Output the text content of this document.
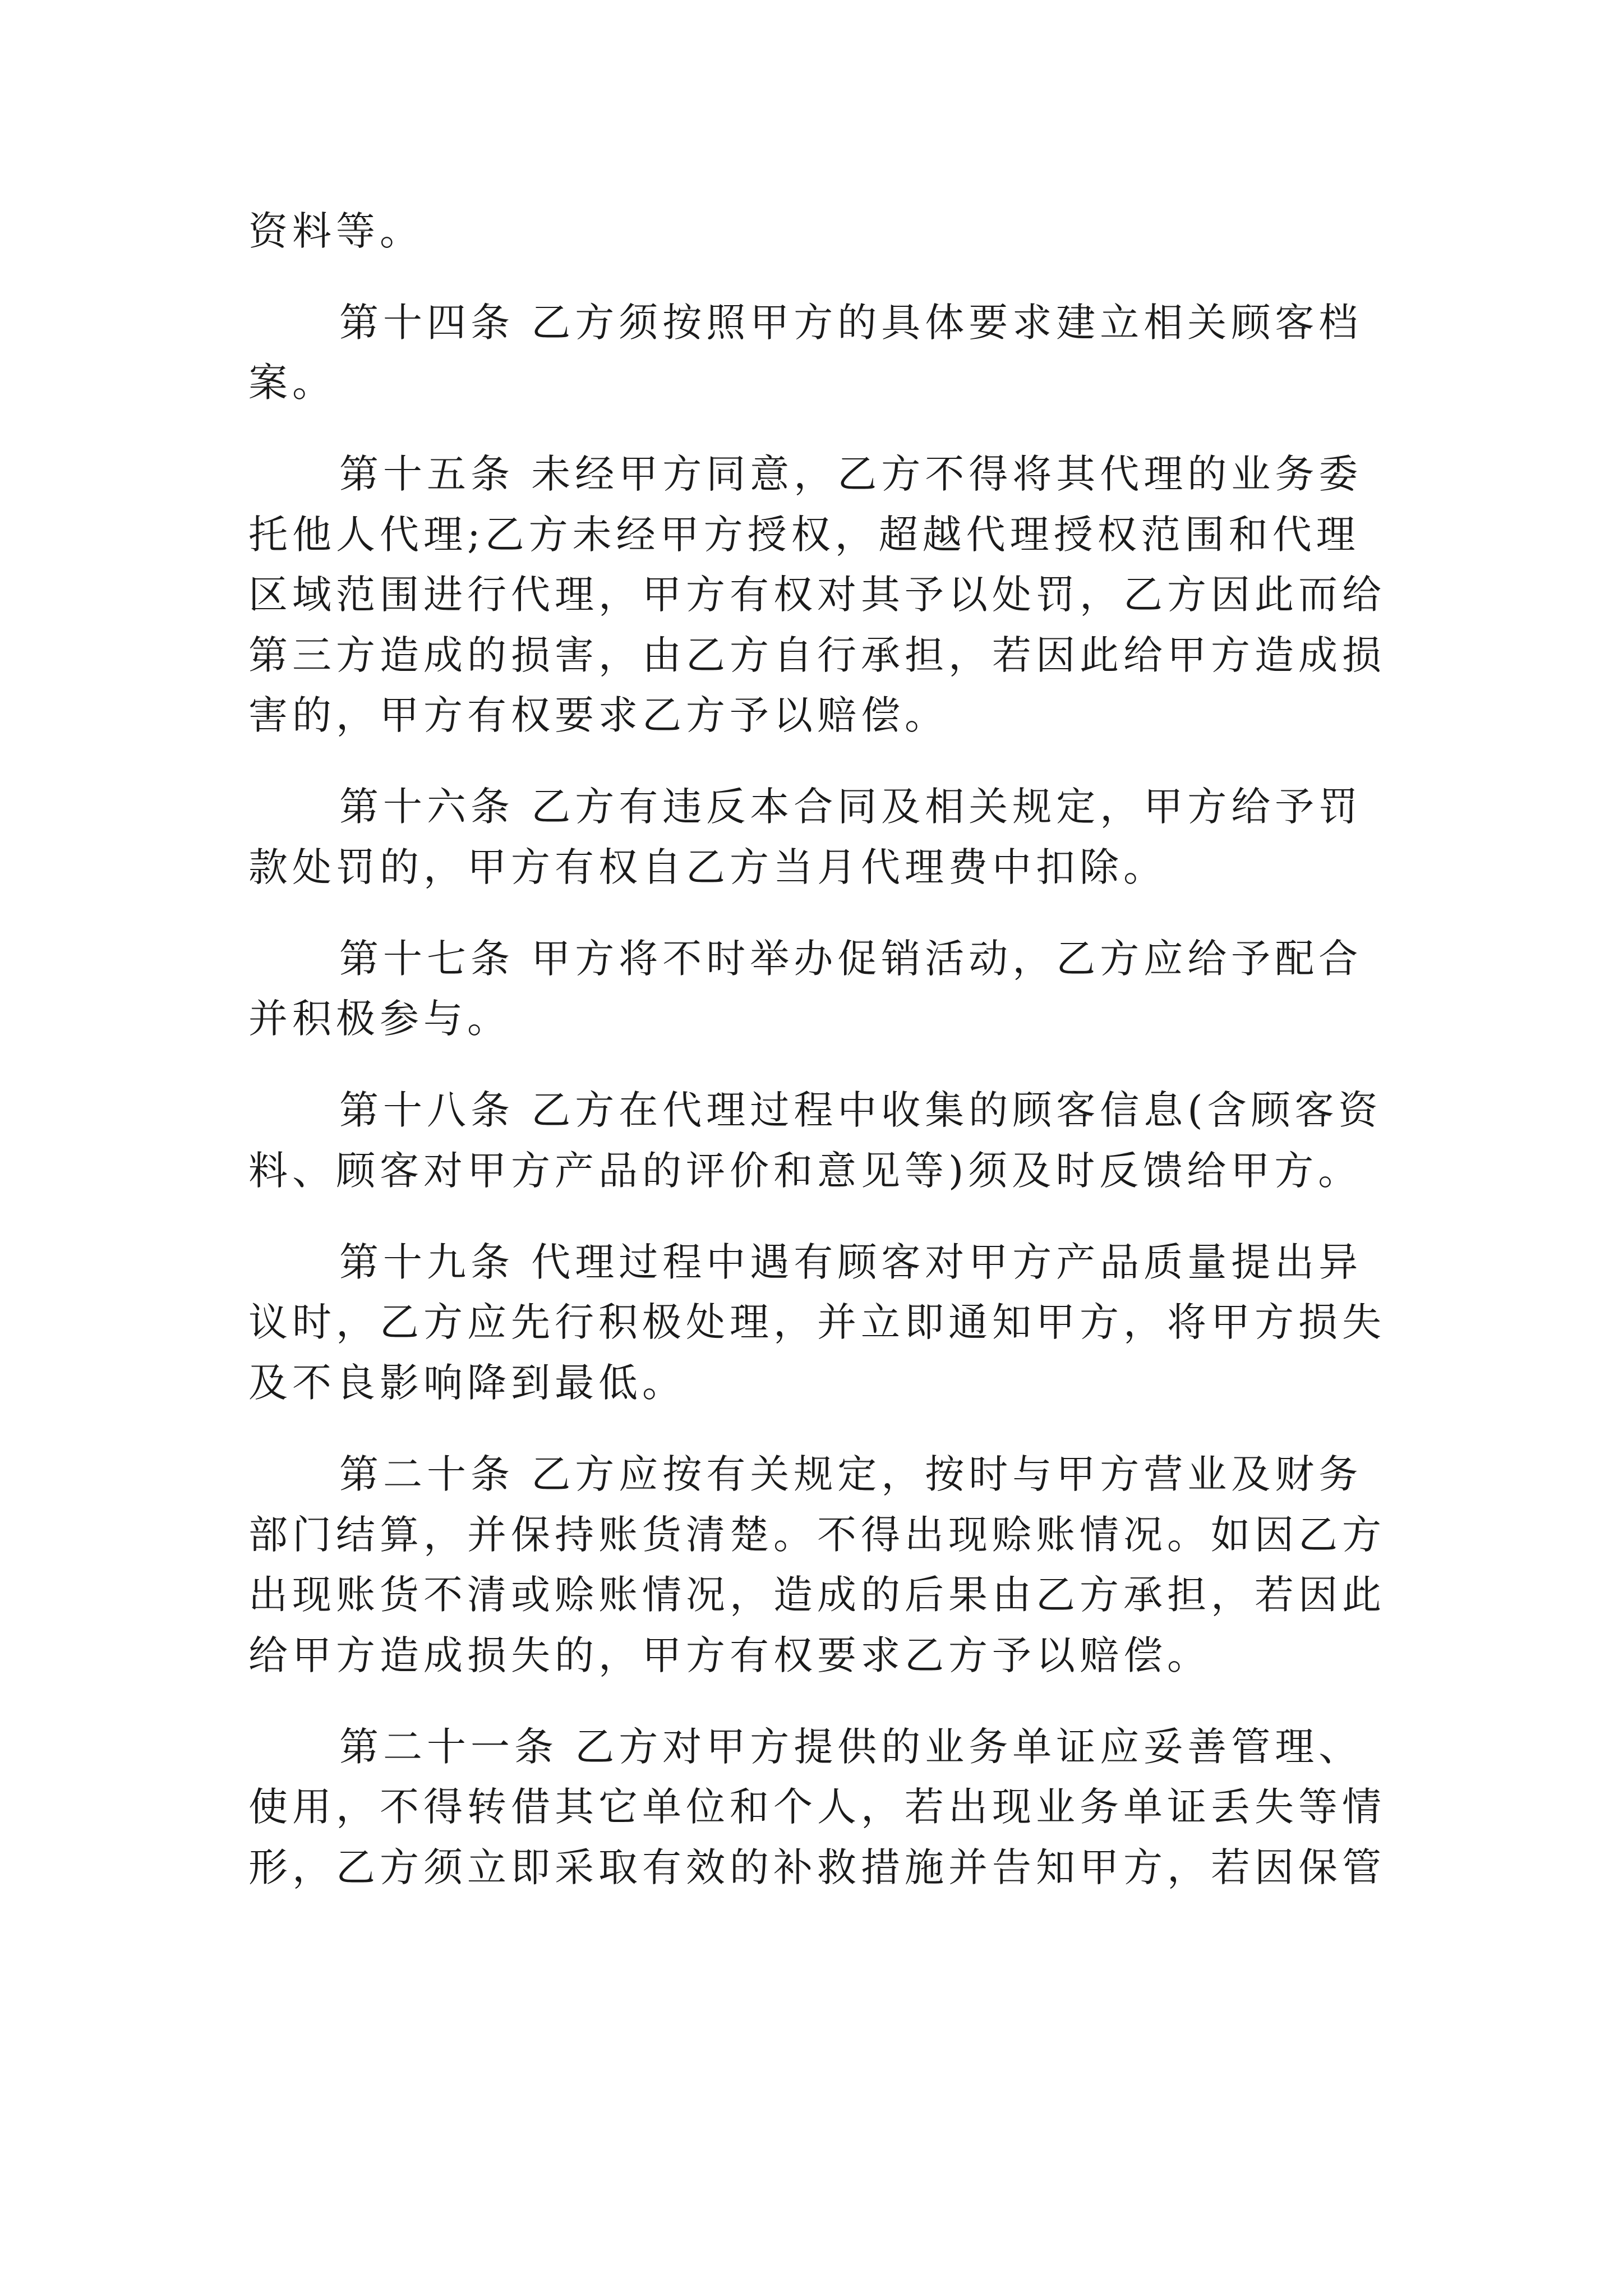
资料等。
第十四条 乙方须按照甲方的具体要求建立相关顾客档
案。
第十五条 未经甲方同意，乙方不得将其代理的业务委
托他人代理;乙方未经甲方授权，超越代理授权范围和代理
区域范围进行代理，甲方有权对其予以处罚，乙方因此而给
第三方造成的损害，由乙方自行承担，若因此给甲方造成损
害的，甲方有权要求乙方予以赔偿。
第十六条 乙方有违反本合同及相关规定，甲方给予罚
款处罚的，甲方有权自乙方当月代理费中扣除。
第十七条 甲方将不时举办促销活动，乙方应给予配合
并积极参与。
第十八条 乙方在代理过程中收集的顾客信息(含顾客资
料、顾客对甲方产品的评价和意见等)须及时反馈给甲方。
第十九条 代理过程中遇有顾客对甲方产品质量提出异
议时，乙方应先行积极处理，并立即通知甲方，将甲方损失
及不良影响降到最低。
第二十条 乙方应按有关规定，按时与甲方营业及财务
部门结算，并保持账货清楚。不得出现赊账情况。如因乙方
出现账货不清或赊账情况，造成的后果由乙方承担，若因此
给甲方造成损失的，甲方有权要求乙方予以赔偿。
第二十一条 乙方对甲方提供的业务单证应妥善管理、
使用，不得转借其它单位和个人，若出现业务单证丢失等情
形，乙方须立即采取有效的补救措施并告知甲方，若因保管
